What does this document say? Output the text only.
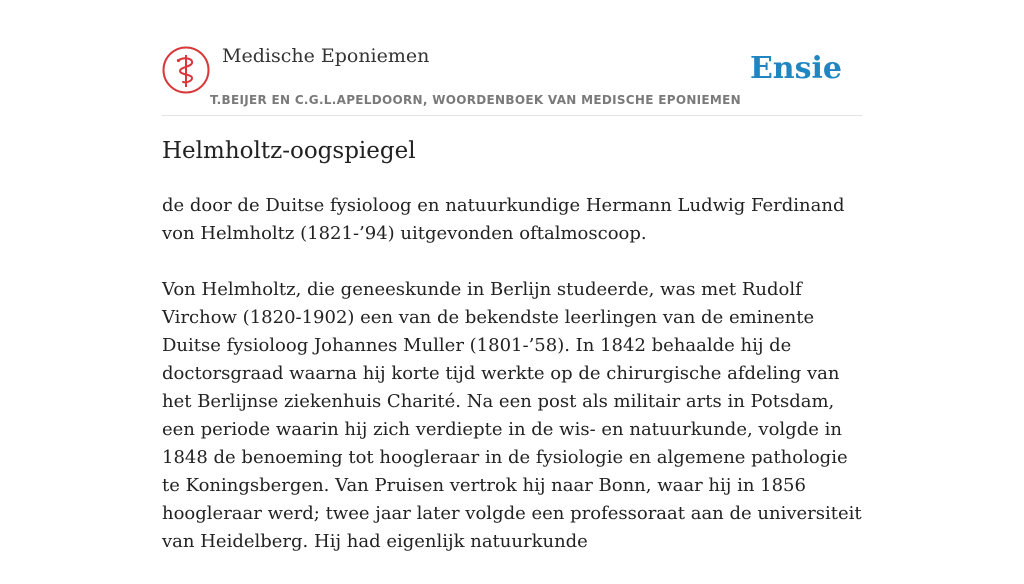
Medische Eponiemen
T.BEIJER EN C.G.L.APELDOORN, WOORDENBOEK VAN MEDISCHE EPONIEMEN
Ensie
Helmholtz-oogspiegel

de door de Duitse fysioloog en natuurkundige Hermann Ludwig Ferdinand von Helmholtz (1821-’94) uitgevonden oftalmoscoop.

Von Helmholtz, die geneeskunde in Berlijn studeerde, was met Rudolf Virchow (1820-1902) een van de bekendste leerlingen van de eminente Duitse fysioloog Johannes Muller (1801-’58). In 1842 behaalde hij de doctorsgraad waarna hij korte tijd werkte op de chirurgische afdeling van het Berlijnse ziekenhuis Charité. Na een post als militair arts in Potsdam, een periode waarin hij zich verdiepte in de wis- en natuurkunde, volgde in 1848 de benoeming tot hoogleraar in de fysiologie en algemene pathologie te Koningsbergen. Van Pruisen vertrok hij naar Bonn, waar hij in 1856 hoogleraar werd; twee jaar later volgde een professoraat aan de universiteit van Heidelberg. Hij had eigenlijk natuurkunde
